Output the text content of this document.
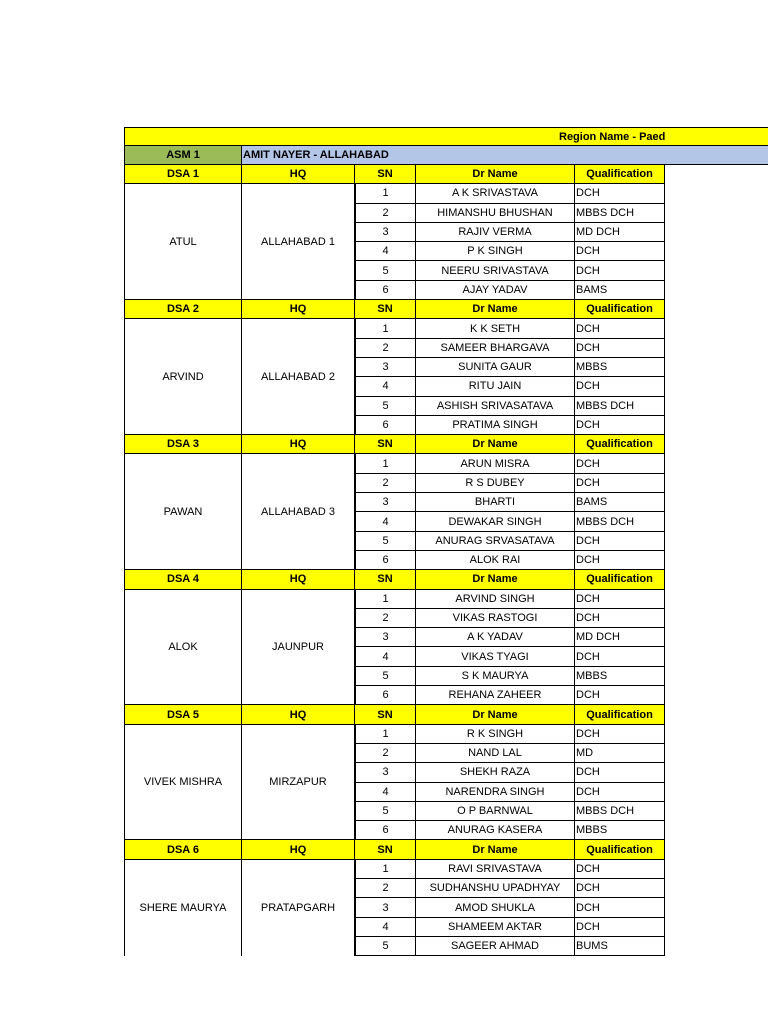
Region Name - Paed
ASM 1	AMIT NAYER - ALLAHABAD
DSA 1	HQ	SN	Dr Name	Qualification
ATUL	ALLAHABAD 1
1	A K SRIVASTAVA	DCH
2	HIMANSHU BHUSHAN	MBBS DCH
3	RAJIV VERMA	MD DCH
4	P K SINGH	DCH
5	NEERU SRIVASTAVA	DCH
6	AJAY YADAV	BAMS
DSA 2	HQ	SN	Dr Name	Qualification
ARVIND	ALLAHABAD 2
1	K K SETH	DCH
2	SAMEER BHARGAVA	DCH
3	SUNITA GAUR	MBBS
4	RITU JAIN	DCH
5	ASHISH SRIVASATAVA	MBBS DCH
6	PRATIMA SINGH	DCH
DSA 3	HQ	SN	Dr Name	Qualification
PAWAN	ALLAHABAD 3
1	ARUN MISRA	DCH
2	R S DUBEY	DCH
3	BHARTI	BAMS
4	DEWAKAR SINGH	MBBS DCH
5	ANURAG SRVASATAVA	DCH
6	ALOK RAI	DCH
DSA 4	HQ	SN	Dr Name	Qualification
ALOK	JAUNPUR
1	ARVIND SINGH	DCH
2	VIKAS RASTOGI	DCH
3	A K YADAV	MD DCH
4	VIKAS TYAGI	DCH
5	S K MAURYA	MBBS
6	REHANA ZAHEER	DCH
DSA 5	HQ	SN	Dr Name	Qualification
VIVEK MISHRA	MIRZAPUR
1	R K SINGH	DCH
2	NAND LAL	MD
3	SHEKH RAZA	DCH
4	NARENDRA SINGH	DCH
5	O P BARNWAL	MBBS DCH
6	ANURAG KASERA	MBBS
DSA 6	HQ	SN	Dr Name	Qualification
SHERE MAURYA	PRATAPGARH
1	RAVI SRIVASTAVA	DCH
2	SUDHANSHU UPADHYAY	DCH
3	AMOD SHUKLA	DCH
4	SHAMEEM AKTAR	DCH
5	SAGEER AHMAD	BUMS
